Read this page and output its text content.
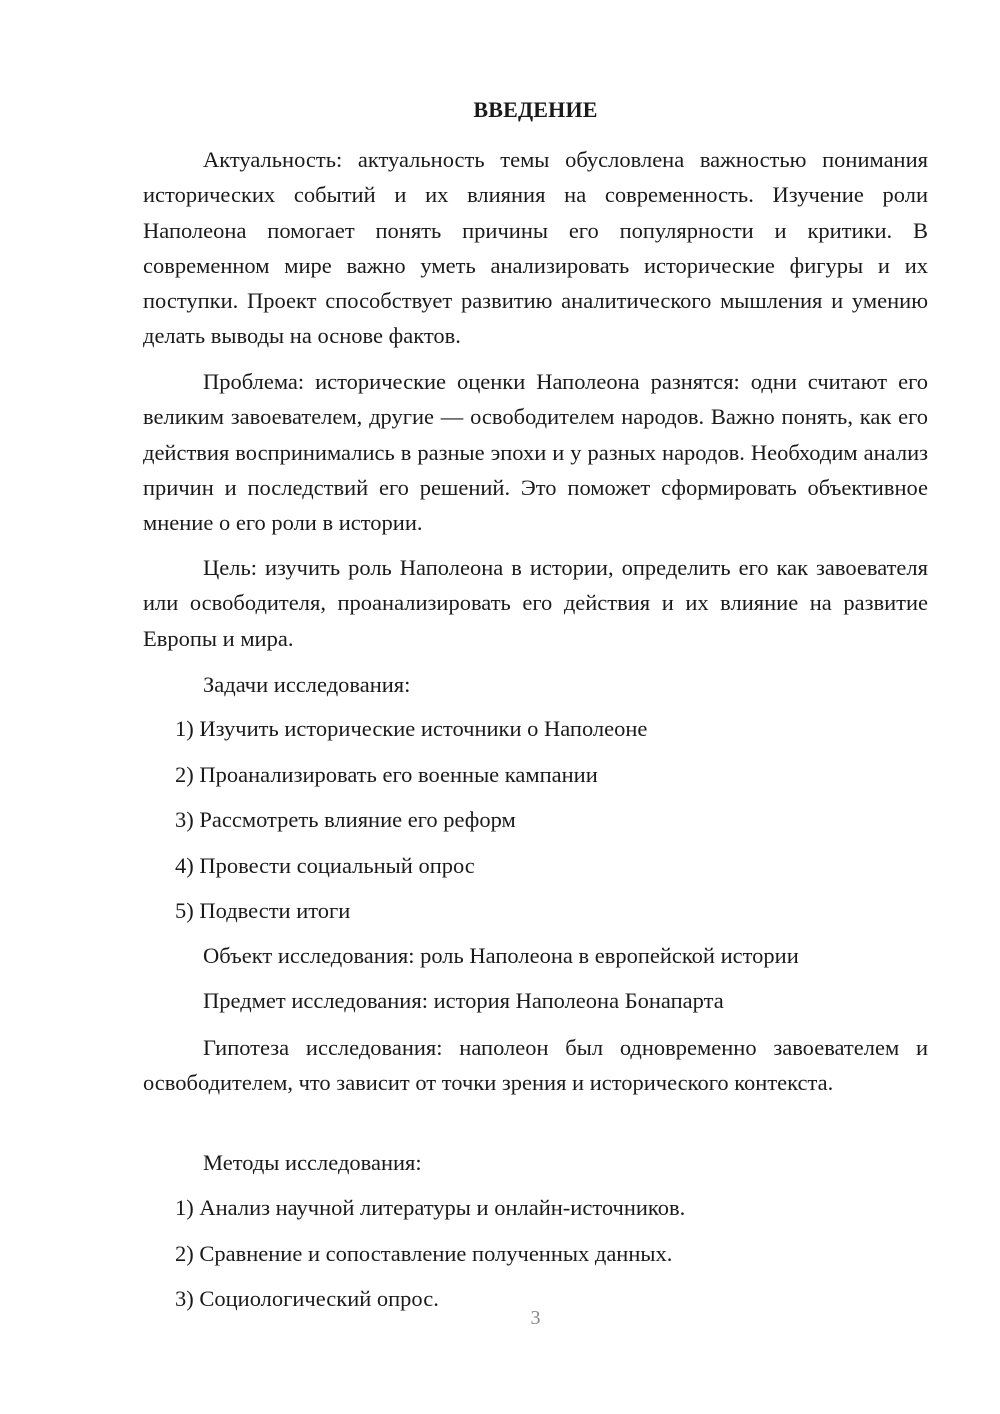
ВВЕДЕНИЕ

Актуальность: актуальность темы обусловлена важностью понимания исторических событий и их влияния на современность. Изучение роли Наполеона помогает понять причины его популярности и критики. В современном мире важно уметь анализировать исторические фигуры и их поступки. Проект способствует развитию аналитического мышления и умению делать выводы на основе фактов.

Проблема: исторические оценки Наполеона разнятся: одни считают его великим завоевателем, другие — освободителем народов. Важно понять, как его действия воспринимались в разные эпохи и у разных народов. Необходим анализ причин и последствий его решений. Это поможет сформировать объективное мнение о его роли в истории.

Цель: изучить роль Наполеона в истории, определить его как завоевателя или освободителя, проанализировать его действия и их влияние на развитие Европы и мира.

Задачи исследования:
1) Изучить исторические источники о Наполеоне
2) Проанализировать его военные кампании
3) Рассмотреть влияние его реформ
4) Провести социальный опрос
5) Подвести итоги
Объект исследования: роль Наполеона в европейской истории
Предмет исследования: история Наполеона Бонапарта

Гипотеза исследования: наполеон был одновременно завоевателем и освободителем, что зависит от точки зрения и исторического контекста.

Методы исследования:
1) Анализ научной литературы и онлайн-источников.
2) Сравнение и сопоставление полученных данных.
3) Социологический опрос.
3
